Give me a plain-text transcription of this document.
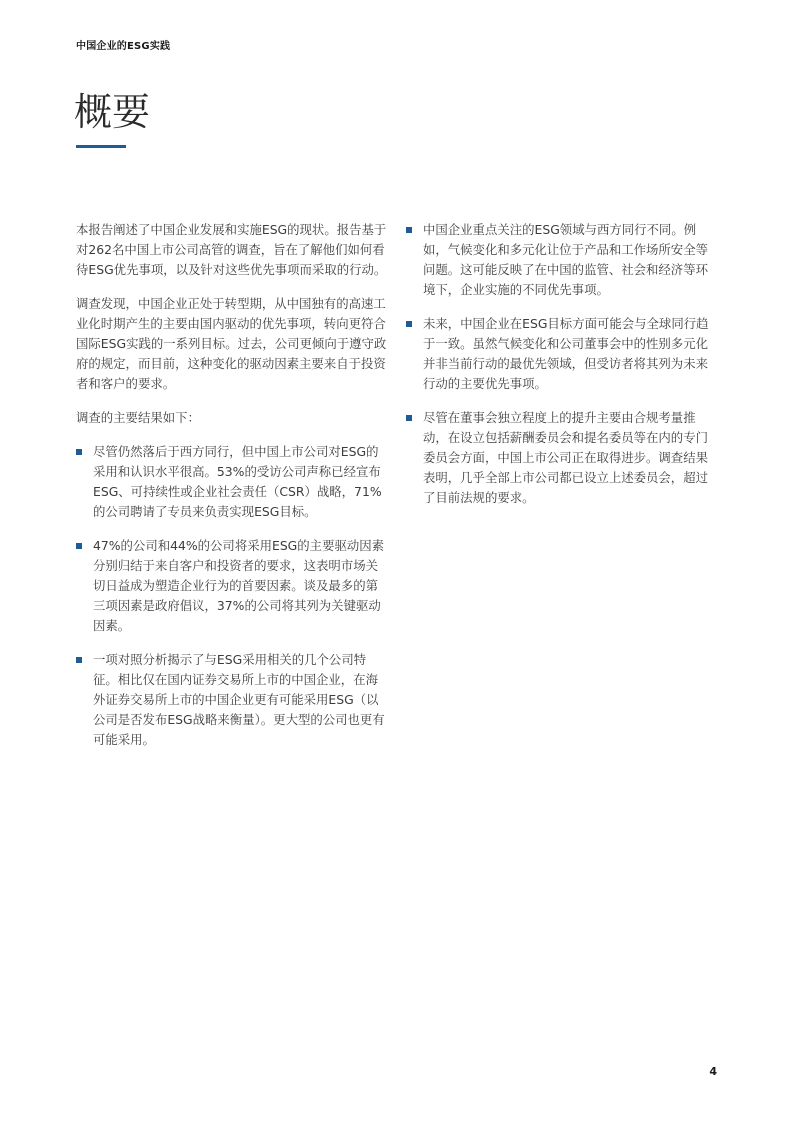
中国企业的ESG实践
概要

本报告阐述了中国企业发展和实施ESG的现状。报告基于对262名中国上市公司高管的调查，旨在了解他们如何看待ESG优先事项，以及针对这些优先事项而采取的行动。

调查发现，中国企业正处于转型期，从中国独有的高速工业化时期产生的主要由国内驱动的优先事项，转向更符合国际ESG实践的一系列目标。过去，公司更倾向于遵守政府的规定，而目前，这种变化的驱动因素主要来自于投资者和客户的要求。

调查的主要结果如下：

尽管仍然落后于西方同行，但中国上市公司对ESG的采用和认识水平很高。53%的受访公司声称已经宣布ESG、可持续性或企业社会责任（CSR）战略，71%的公司聘请了专员来负责实现ESG目标。
47%的公司和44%的公司将采用ESG的主要驱动因素分别归结于来自客户和投资者的要求，这表明市场关切日益成为塑造企业行为的首要因素。谈及最多的第三项因素是政府倡议，37%的公司将其列为关键驱动因素。
一项对照分析揭示了与ESG采用相关的几个公司特征。相比仅在国内证券交易所上市的中国企业，在海外证券交易所上市的中国企业更有可能采用ESG（以公司是否发布ESG战略来衡量）。更大型的公司也更有可能采用。
中国企业重点关注的ESG领域与西方同行不同。例如，气候变化和多元化让位于产品和工作场所安全等问题。这可能反映了在中国的监管、社会和经济等环境下，企业实施的不同优先事项。
未来，中国企业在ESG目标方面可能会与全球同行趋于一致。虽然气候变化和公司董事会中的性别多元化并非当前行动的最优先领域，但受访者将其列为未来行动的主要优先事项。
尽管在董事会独立程度上的提升主要由合规考量推动，在设立包括薪酬委员会和提名委员等在内的专门委员会方面，中国上市公司正在取得进步。调查结果表明，几乎全部上市公司都已设立上述委员会，超过了目前法规的要求。
4
